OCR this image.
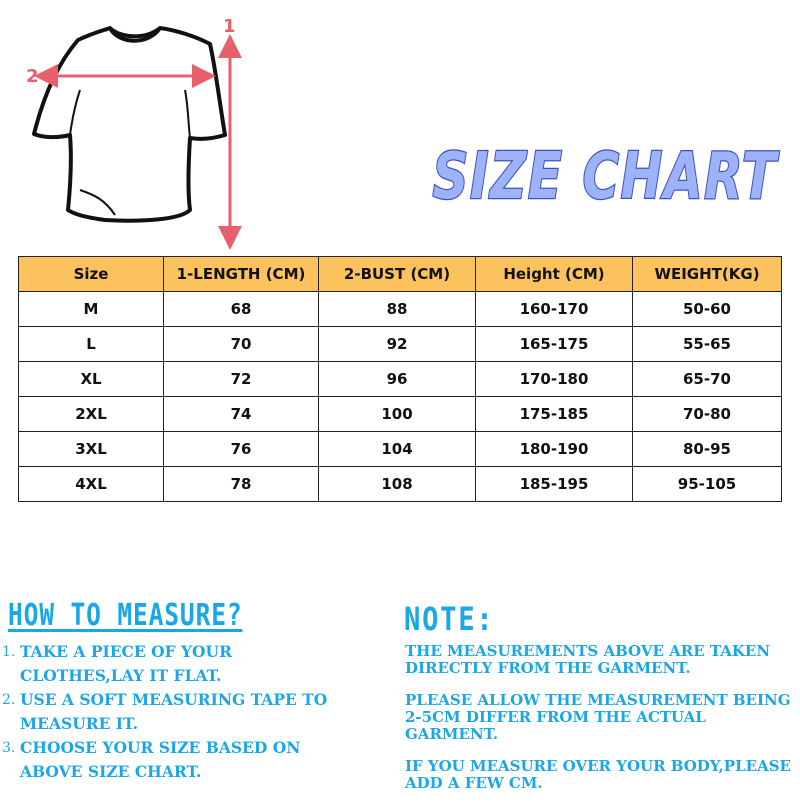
1
2
SIZE CHART
Size	1-LENGTH (CM)	2-BUST (CM)	Height (CM)	WEIGHT(KG)
M	68	88	160-170	50-60
L	70	92	165-175	55-65
XL	72	96	170-180	65-70
2XL	74	100	175-185	70-80
3XL	76	104	180-190	80-95
4XL	78	108	185-195	95-105
HOW TO MEASURE?
1. TAKE A PIECE OF YOUR CLOTHES,LAY IT FLAT.
2. USE A SOFT MEASURING TAPE TO MEASURE IT.
3. CHOOSE YOUR SIZE BASED ON ABOVE SIZE CHART.
NOTE:

THE MEASUREMENTS ABOVE ARE TAKEN DIRECTLY FROM THE GARMENT.

PLEASE ALLOW THE MEASUREMENT BEING 2-5CM DIFFER FROM THE ACTUAL GARMENT.

IF YOU MEASURE OVER YOUR BODY,PLEASE ADD A FEW CM.
